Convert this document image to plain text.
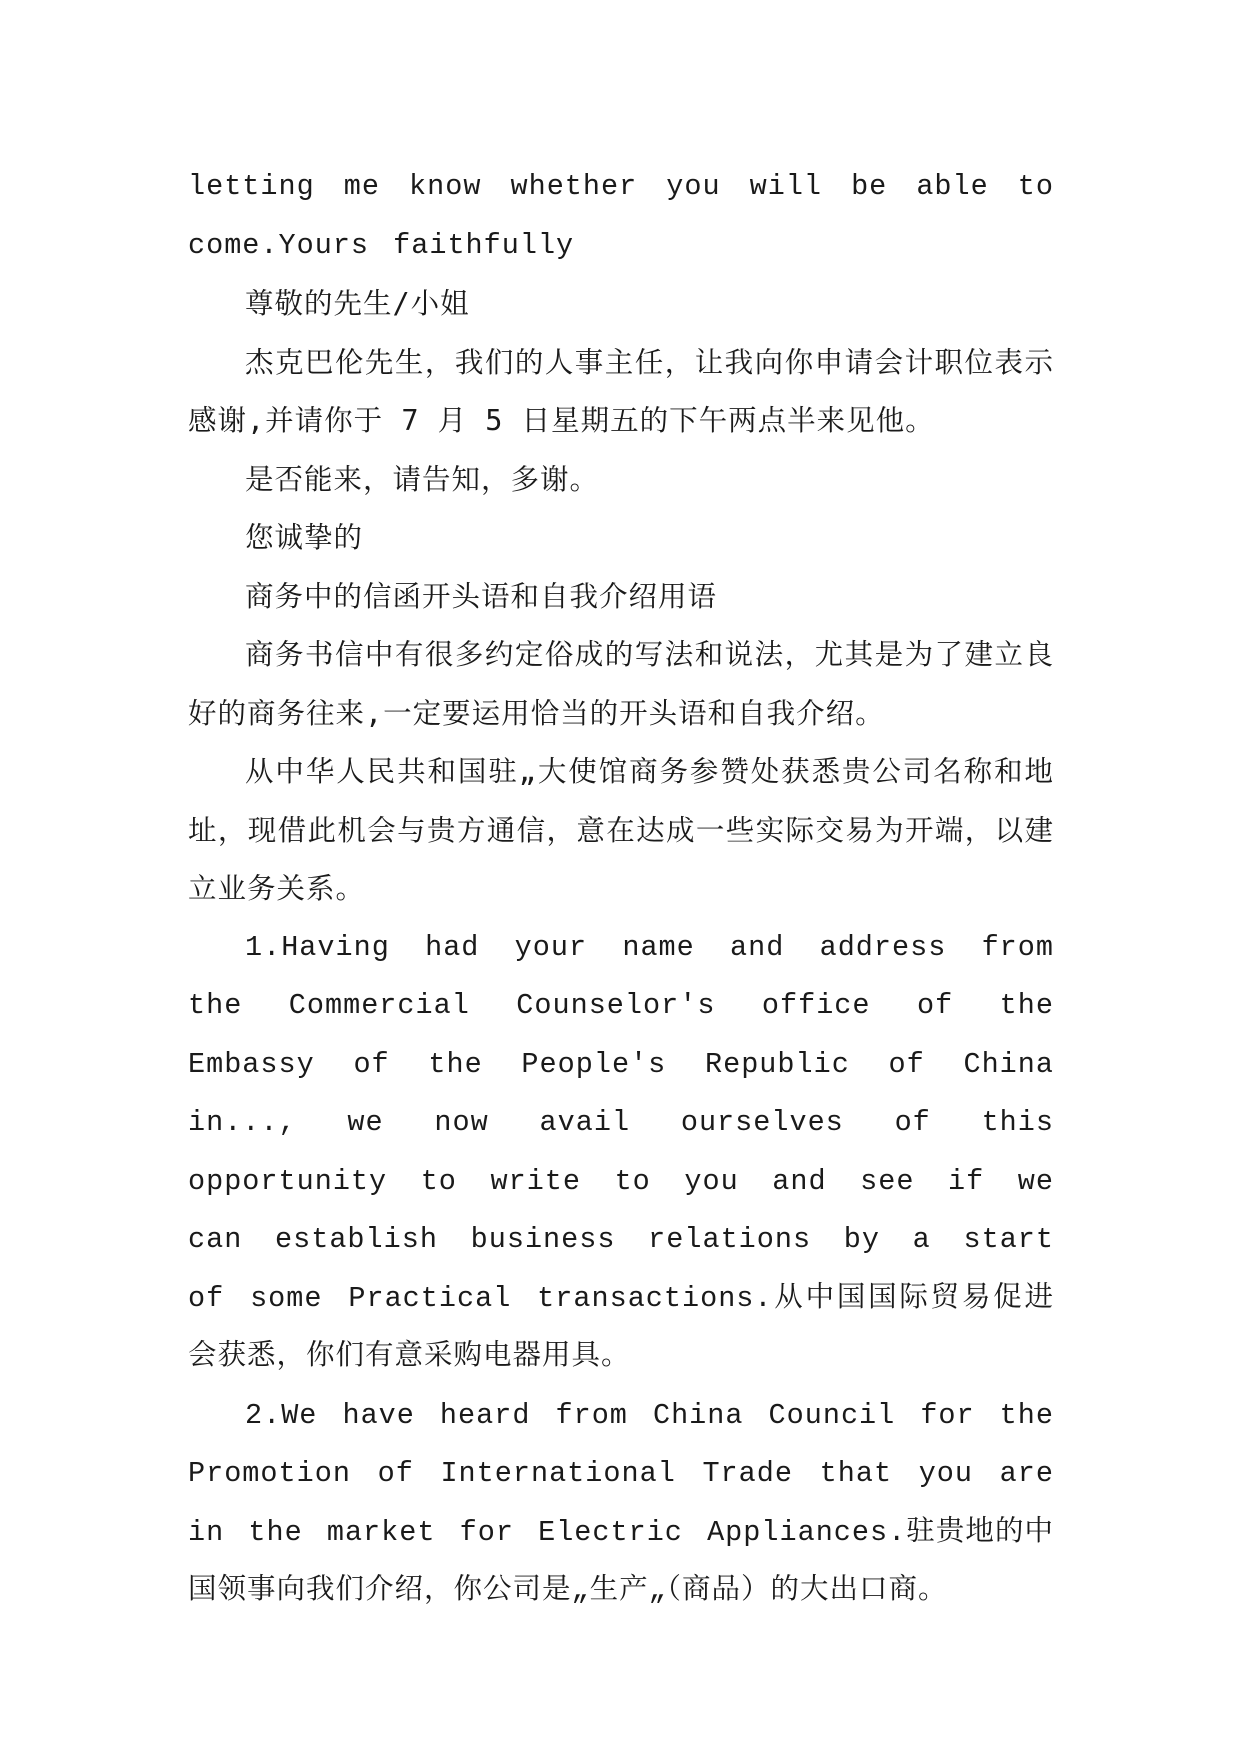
letting me know whether you will be able to come.Yours faithfully

尊敬的先生/小姐

杰克巴伦先生，我们的人事主任，让我向你申请会计职位表示感谢,并请你于 7 月 5 日星期五的下午两点半来见他。

是否能来，请告知，多谢。

您诚挚的

商务中的信函开头语和自我介绍用语

商务书信中有很多约定俗成的写法和说法，尤其是为了建立良好的商务往来,一定要运用恰当的开头语和自我介绍。

从中华人民共和国驻„大使馆商务参赞处获悉贵公司名称和地址，现借此机会与贵方通信，意在达成一些实际交易为开端，以建立业务关系。

1.Having had your name and address from the Commercial Counselor's office of the Embassy of the People's Republic of China in..., we now avail ourselves of this opportunity to write to you and see if we can establish business relations by a start of some Practical transactions.从中国国际贸易促进会获悉，你们有意采购电器用具。

2.We have heard from China Council for the Promotion of International Trade that you are in the market for Electric Appliances.驻贵地的中国领事向我们介绍，你公司是„生产„（商品）的大出口商。
